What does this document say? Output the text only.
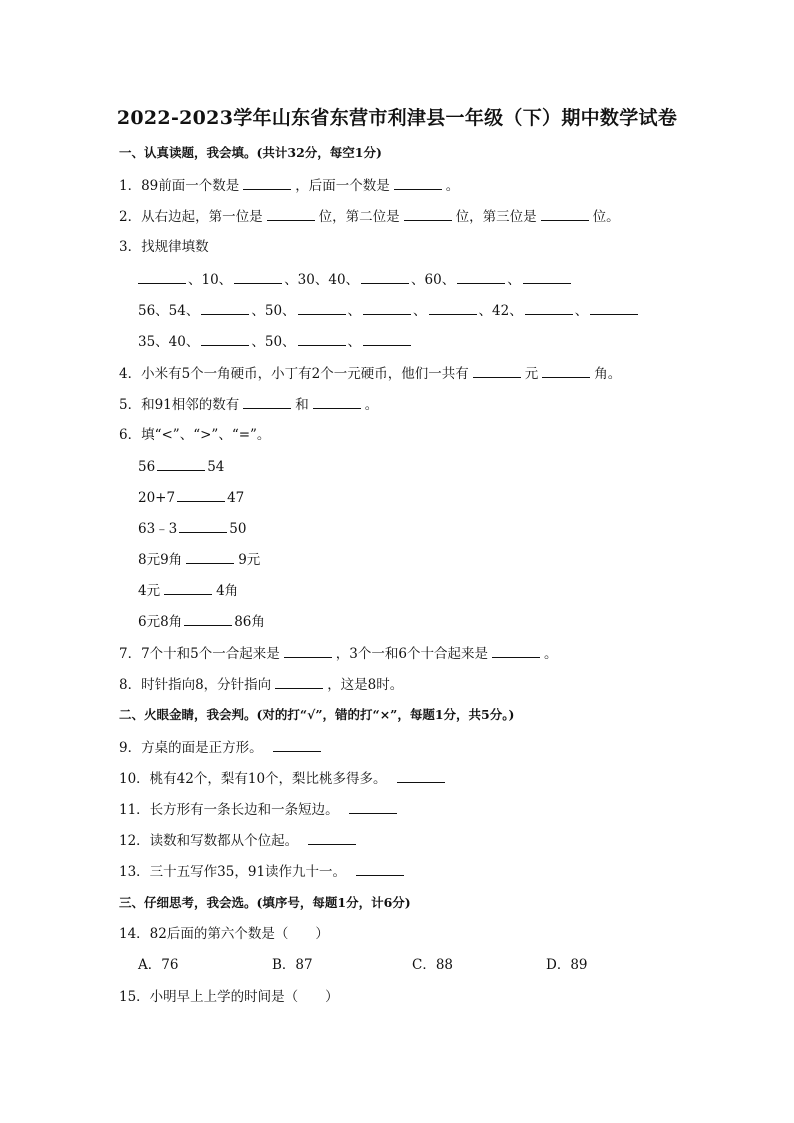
2022-2023学年山东省东营市利津县一年级（下）期中数学试卷
一、认真读题，我会填。(共计32分，每空1分)
1．89前面一个数是	，后面一个数是	。
2．从右边起，第一位是	位，第二位是	位，第三位是	位。
3．找规律填数
、10、	、30、40、	、60、	、
56、54、	、50、	、	、	、42、	、
35、40、	、50、	、
4．小米有5个一角硬币，小丁有2个一元硬币，他们一共有	元	角。
5．和91相邻的数有	和	。
6．填“<”、“>”、“=”。
56	54
20+7	47
63﹣3	50
8元9角	9元
4元	4角
6元8角	86角
7．7个十和5个一合起来是	，3个一和6个十合起来是	。
8．时针指向8，分针指向	，这是8时。
二、火眼金睛，我会判。(对的打“√”，错的打“×”，每题1分，共5分。)
9．方桌的面是正方形。
10．桃有42个，梨有10个，梨比桃多得多。
11．长方形有一条长边和一条短边。
12．读数和写数都从个位起。
13．三十五写作35，91读作九十一。
三、仔细思考，我会选。(填序号，每题1分，计6分)
14．82后面的第六个数是（　　）
A．76	B．87	C．88	D．89
15．小明早上上学的时间是（　　）
